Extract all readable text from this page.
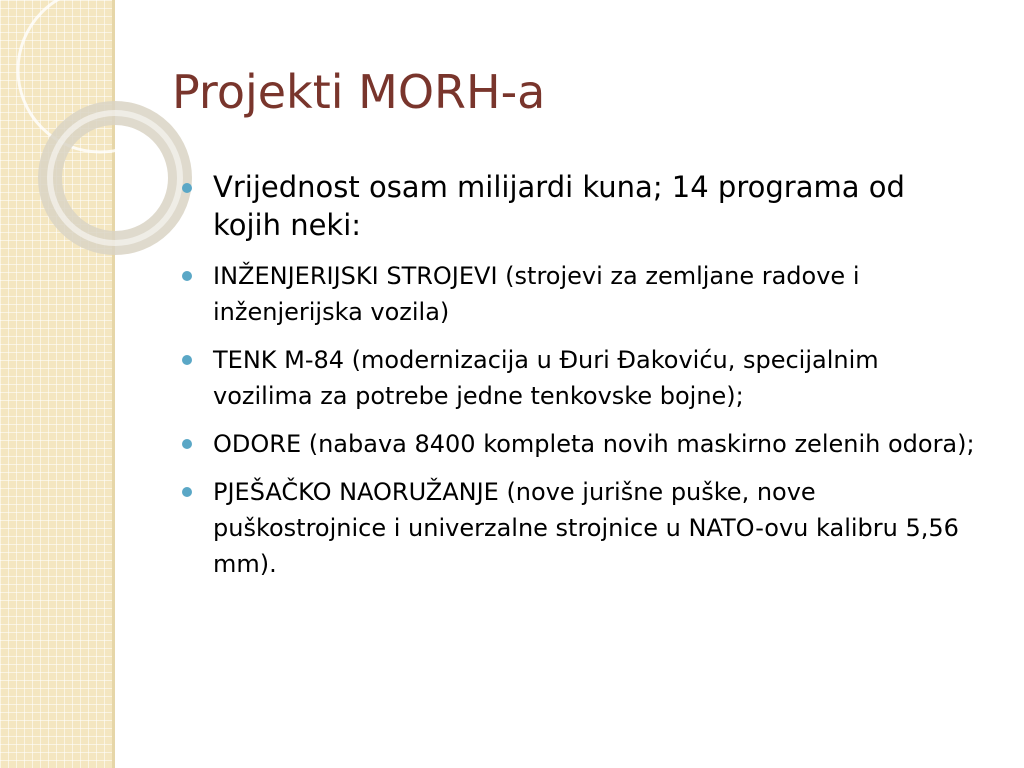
Projekti MORH-a
Vrijednost osam milijardi kuna; 14 programa od kojih neki:
INŽENJERIJSKI STROJEVI (strojevi za zemljane radove i inženjerijska vozila)
TENK M-84 (modernizacija u Đuri Đakoviću, specijalnim vozilima za potrebe jedne tenkovske bojne);
ODORE (nabava 8400 kompleta novih maskirno zelenih odora);
PJEŠAČKO NAORUŽANJE (nove jurišne puške, nove puškostrojnice i univerzalne strojnice u NATO-ovu kalibru 5,56 mm).
